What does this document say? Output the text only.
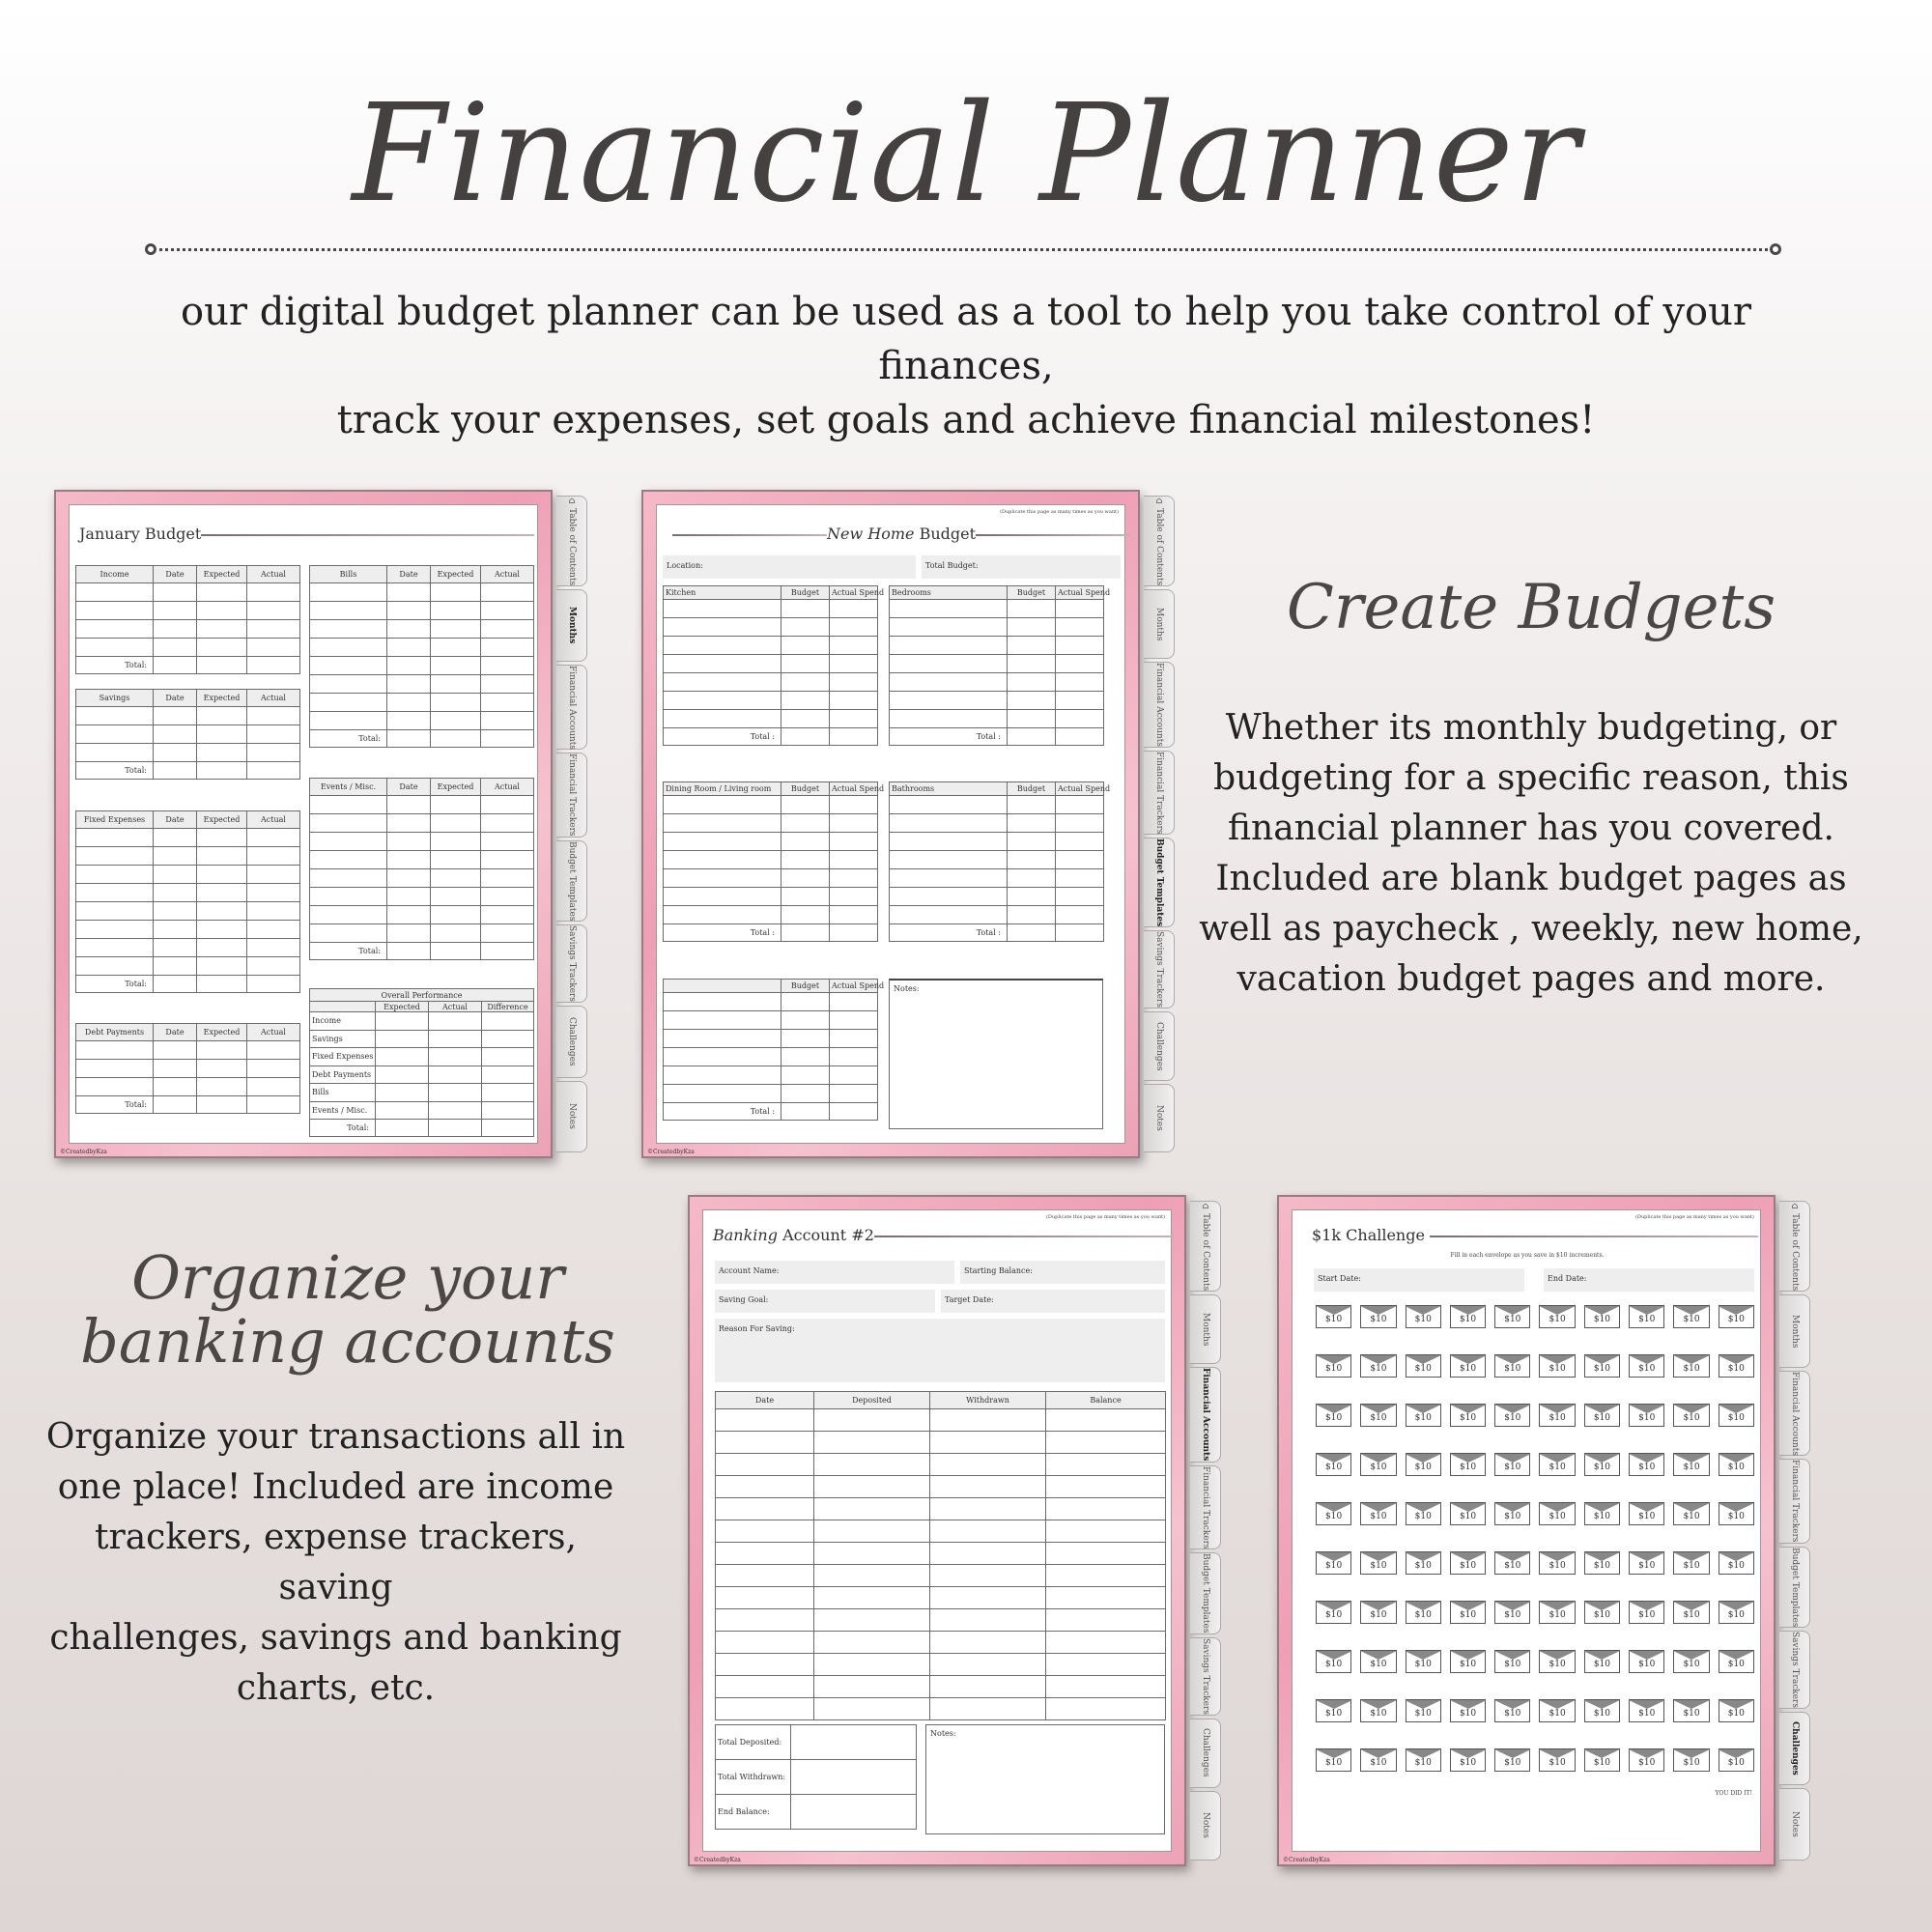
Financial Planner
our digital budget planner can be used as a tool to help you take control of your finances,
track your expenses, set goals and achieve financial milestones!
January Budget
Income	Date	Expected	Actual

Total:			
Savings	Date	Expected	Actual

Total:			
Fixed Expenses	Date	Expected	Actual

Total:			
Debt Payments	Date	Expected	Actual

Total:			
Bills	Date	Expected	Actual

Total:			
Events / Misc.	Date	Expected	Actual

Total:			
Overall Performance			
	Expected	Actual	Difference
Income			
Savings			
Fixed Expenses			
Debt Payments			
Bills			
Events / Misc.			
Total:			
©CreatedbyKza
⌂
Table of Contents
Months
Financial Accounts
Financial Trackers
Budget Templates
Savings Trackers
Challenges
Notes
(Duplicate this page as many times as you want)
New Home Budget
Location:	Total Budget:
Kitchen	Budget	Actual Spend

Total :		
Bedrooms	Budget	Actual Spend

Total :		
Dining Room / Living room	Budget	Actual Spend

Total :		
Bathrooms	Budget	Actual Spend

Total :		
	Budget	Actual Spend

Total :		
Notes:
©CreatedbyKza
⌂
Table of Contents
Months
Financial Accounts
Financial Trackers
Budget Templates
Savings Trackers
Challenges
Notes
Create Budgets
Whether its monthly budgeting, or
budgeting for a specific reason, this
financial planner has you covered.
Included are blank budget pages as
well as paycheck , weekly, new home,
vacation budget pages and more.
Organize your
banking accounts
Organize your transactions all in
one place! Included are income
trackers, expense trackers, saving
challenges, savings and banking
charts, etc.
(Duplicate this page as many times as you want)
Banking Account #2
Account Name:	Starting Balance:
Saving Goal:	Target Date:
Reason For Saving:
Date	Deposited	Withdrawn	Balance

Total Deposited:	
Total Withdrawn:	
End Balance:	
Notes:
©CreatedbyKza
⌂
Table of Contents
Months
Financial Accounts
Financial Trackers
Budget Templates
Savings Trackers
Challenges
Notes
(Duplicate this page as many times as you want)
$1k Challenge
Fill in each envelope as you save in $10 increments.
Start Date:	End Date:
$10	$10	$10	$10	$10	$10	$10	$10	$10	$10
$10	$10	$10	$10	$10	$10	$10	$10	$10	$10
$10	$10	$10	$10	$10	$10	$10	$10	$10	$10
$10	$10	$10	$10	$10	$10	$10	$10	$10	$10
$10	$10	$10	$10	$10	$10	$10	$10	$10	$10
$10	$10	$10	$10	$10	$10	$10	$10	$10	$10
$10	$10	$10	$10	$10	$10	$10	$10	$10	$10
$10	$10	$10	$10	$10	$10	$10	$10	$10	$10
$10	$10	$10	$10	$10	$10	$10	$10	$10	$10
$10	$10	$10	$10	$10	$10	$10	$10	$10	$10
YOU DID IT!
©CreatedbyKza
⌂
Table of Contents
Months
Financial Accounts
Financial Trackers
Budget Templates
Savings Trackers
Challenges
Notes
